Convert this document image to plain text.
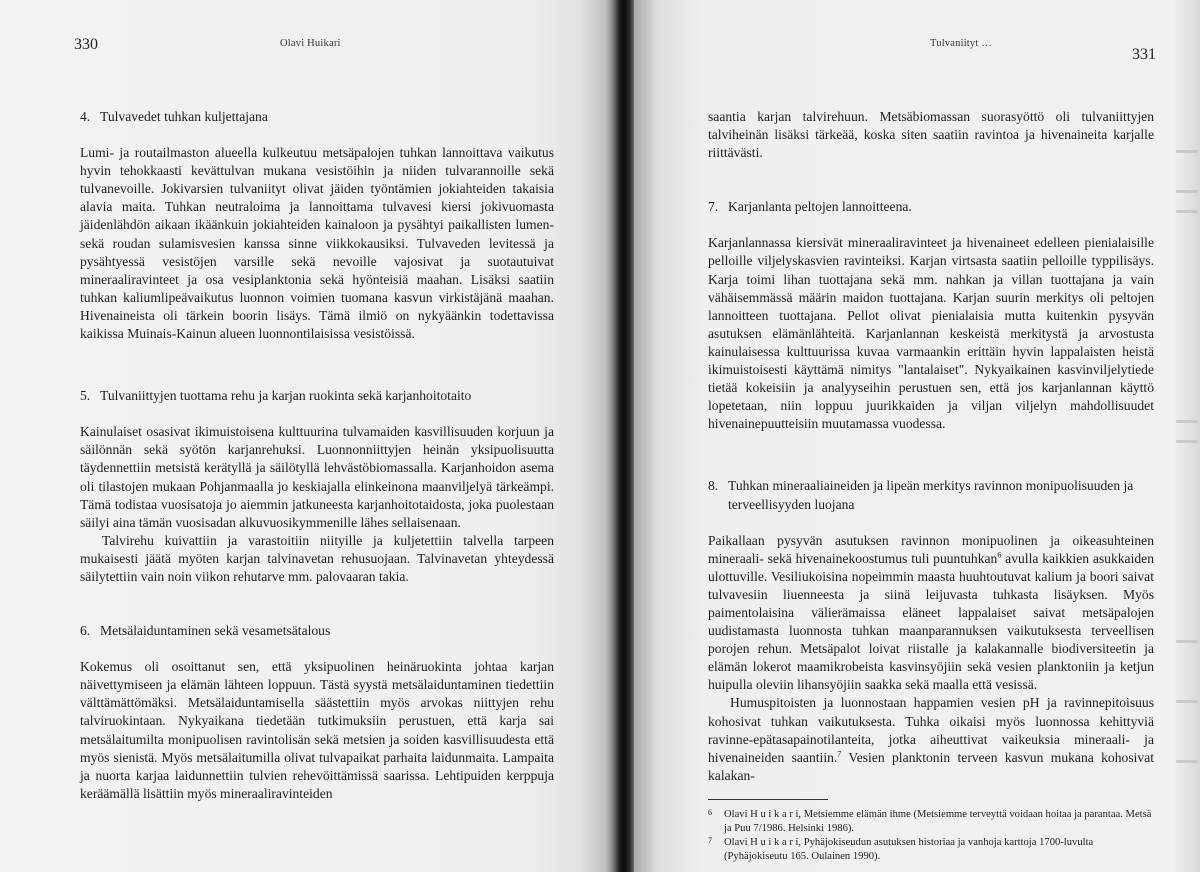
330	Olavi Huikari
4. Tulvavedet tuhkan kuljettajana

Lumi- ja routailmaston alueella kulkeutuu metsäpalojen tuhkan lannoittava vaikutus hyvin tehokkaasti kevättulvan mukana vesistöihin ja niiden tulvarannoille sekä tulvanevoille. Jokivarsien tulvaniityt olivat jäiden työntämien jokiahteiden takaisia alavia maita. Tuhkan neutraloima ja lannoittama tulvavesi kiersi jokivuomasta jäidenlähdön aikaan ikäänkuin jokiahteiden kainaloon ja pysähtyi paikallisten lumen- sekä roudan sulamisvesien kanssa sinne viikkokausiksi. Tulvaveden levitessä ja pysähtyessä vesistöjen varsille sekä nevoille vajosivat ja suotautuivat mineraaliravinteet ja osa vesiplanktonia sekä hyönteisiä maahan. Lisäksi saatiin tuhkan kaliumlipeävaikutus luonnon voimien tuomana kasvun virkistäjänä maahan. Hivenaineista oli tärkein boorin lisäys. Tämä ilmiö on nykyäänkin todettavissa kaikissa Muinais-Kainun alueen luonnontilaisissa vesistöissä.

5. Tulvaniittyjen tuottama rehu ja karjan ruokinta sekä karjanhoitotaito

Kainulaiset osasivat ikimuistoisena kulttuurina tulvamaiden kasvillisuuden korjuun ja säilönnän sekä syötön karjanrehuksi. Luonnonniittyjen heinän yksipuolisuutta täydennettiin metsistä kerätyllä ja säilötyllä lehvästöbiomassalla. Karjanhoidon asema oli tilastojen mukaan Pohjanmaalla jo keskiajalla elinkeinona maanviljelyä tärkeämpi. Tämä todistaa vuosisatoja jo aiemmin jatkuneesta karjanhoitotaidosta, joka puolestaan säilyi aina tämän vuosisadan alkuvuosikymmenille lähes sellaisenaan.

Talvirehu kuivattiin ja varastoitiin niityille ja kuljetettiin talvella tarpeen mukaisesti jäätä myöten karjan talvinavetan rehusuojaan. Talvinavetan yhteydessä säilytettiin vain noin viikon rehutarve mm. palovaaran takia.

6. Metsälaiduntaminen sekä vesametsätalous

Kokemus oli osoittanut sen, että yksipuolinen heinäruokinta johtaa karjan näivettymiseen ja elämän lähteen loppuun. Tästä syystä metsälaiduntaminen tiedettiin välttämättömäksi. Metsälaiduntamisella säästettiin myös arvokas niittyjen rehu talviruokintaan. Nykyaikana tiedetään tutkimuksiin perustuen, että karja sai metsälaitumilta monipuolisen ravintolisän sekä metsien ja soiden kasvillisuudesta että myös sienistä. Myös metsälaitumilla olivat tulvapaikat parhaita laidunmaita. Lampaita ja nuorta karjaa laidunnettiin tulvien rehevöittämissä saarissa. Lehtipuiden kerppuja keräämällä lisättiin myös mineraaliravinteiden

Tulvaniityt …
331

saantia karjan talvirehuun. Metsäbiomassan suorasyöttö oli tulvaniittyjen talviheinän lisäksi tärkeää, koska siten saatiin ravintoa ja hivenaineita karjalle riittävästi.

7. Karjanlanta peltojen lannoitteena.

Karjanlannassa kiersivät mineraaliravinteet ja hivenaineet edelleen pienialaisille pelloille viljelyskasvien ravinteiksi. Karjan virtsasta saatiin pelloille typpilisäys. Karja toimi lihan tuottajana sekä mm. nahkan ja villan tuottajana ja vain vähäisemmässä määrin maidon tuottajana. Karjan suurin merkitys oli peltojen lannoitteen tuottajana. Pellot olivat pienialaisia mutta kuitenkin pysyvän asutuksen elämänlähteitä. Karjanlannan keskeistä merkitystä ja arvostusta kainulaisessa kulttuurissa kuvaa varmaankin erittäin hyvin lappalaisten heistä ikimuistoisesti käyttämä nimitys "lantalaiset". Nykyaikainen kasvinviljelytiede tietää kokeisiin ja analyyseihin perustuen sen, että jos karjanlannan käyttö lopetetaan, niin loppuu juurikkaiden ja viljan viljelyn mahdollisuudet hivenainepuutteisiin muutamassa vuodessa.

8. Tuhkan mineraaliaineiden ja lipeän merkitys ravinnon monipuolisuuden ja terveellisyyden luojana

Paikallaan pysyvän asutuksen ravinnon monipuolinen ja oikeasuhteinen mineraali- sekä hivenainekoostumus tuli puuntuhkan$^6$ avulla kaikkien asukkaiden ulottuville. Vesiliukoisina nopeimmin maasta huuhtoutuvat kalium ja boori saivat tulvavesiin liuenneesta ja siinä leijuvasta tuhkasta lisäyksen. Myös paimentolaisina välierämaissa eläneet lappalaiset saivat metsäpalojen uudistamasta luonnosta tuhkan maanparannuksen vaikutuksesta terveellisen porojen rehun. Metsäpalot loivat riistalle ja kalakannalle biodiversiteetin ja elämän lokerot maamikrobeista kasvinsyöjiin sekä vesien planktoniin ja ketjun huipulla oleviin lihansyöjiin saakka sekä maalla että vesissä.

Humuspitoisten ja luonnostaan happamien vesien pH ja ravinnepitoisuus kohosivat tuhkan vaikutuksesta. Tuhka oikaisi myös luonnossa kehittyviä ravinne-epätasapainotilanteita, jotka aiheuttivat vaikeuksia mineraali- ja hivenaineiden saantiin.$^7$ Vesien planktonin terveen kasvun mukana kohosivat kalakan-

6	Olavi H u i k a r i, Metsiemme elämän ihme (Metsiemme terveyttä voidaan hoitaa ja parantaa. Metsä ja Puu 7/1986. Helsinki 1986).
7	Olavi H u i k a r i, Pyhäjokiseudun asutuksen historiaa ja vanhoja karttoja 1700-luvulta (Pyhäjokiseutu 165. Oulainen 1990).
